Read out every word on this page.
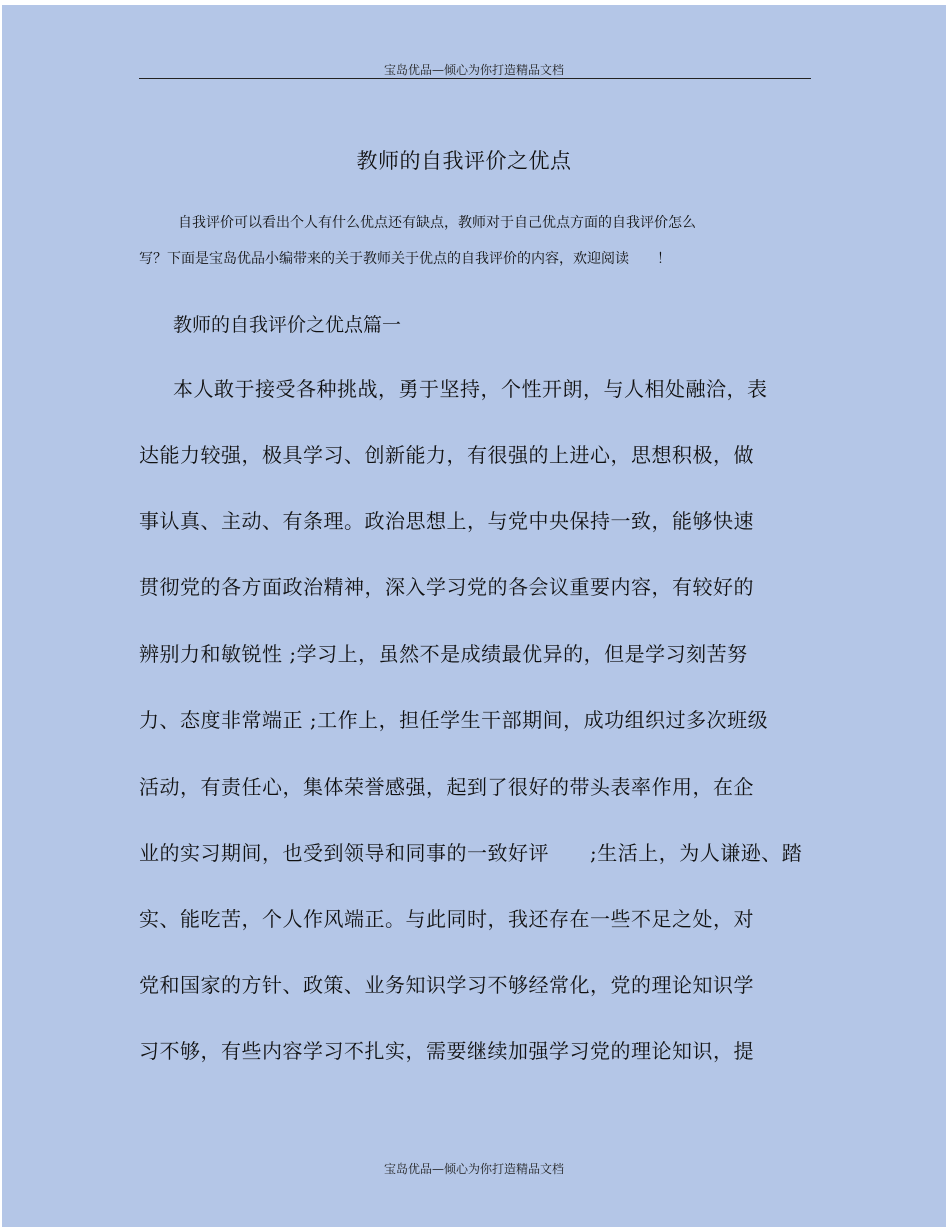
宝岛优品—倾心为你打造精品文档
教师的自我评价之优点
自我评价可以看出个人有什么优点还有缺点，教师对于自己优点方面的自我评价怎么
写？下面是宝岛优品小编带来的关于教师关于优点的自我评价的内容，欢迎阅读　　！
教师的自我评价之优点篇一
本人敢于接受各种挑战，勇于坚持，个性开朗，与人相处融洽，表
达能力较强，极具学习、创新能力，有很强的上进心，思想积极，做
事认真、主动、有条理。政治思想上，与党中央保持一致，能够快速
贯彻党的各方面政治精神，深入学习党的各会议重要内容，有较好的
辨别力和敏锐性 ;学习上，虽然不是成绩最优异的，但是学习刻苦努
力、态度非常端正 ;工作上，担任学生干部期间，成功组织过多次班级
活动，有责任心，集体荣誉感强，起到了很好的带头表率作用，在企
业的实习期间，也受到领导和同事的一致好评　　;生活上，为人谦逊、踏
实、能吃苦，个人作风端正。与此同时，我还存在一些不足之处，对
党和国家的方针、政策、业务知识学习不够经常化，党的理论知识学
习不够，有些内容学习不扎实，需要继续加强学习党的理论知识，提
宝岛优品—倾心为你打造精品文档
